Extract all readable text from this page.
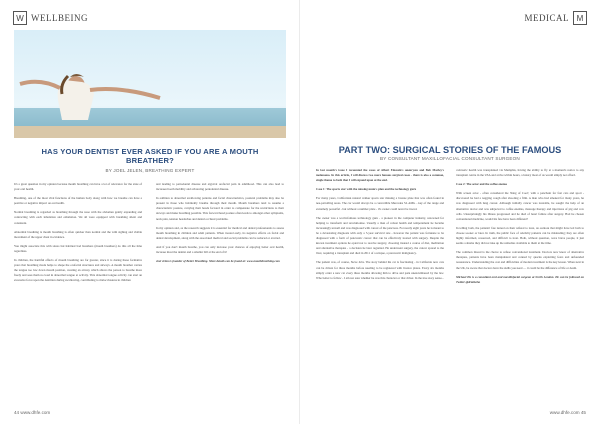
W WELLBEING
HAS YOUR DENTIST EVER ASKED IF YOU ARE A MOUTH BREATHER?
BY JOEL JELEN, BREATHING EXPERT

It's a great question in my opinion because mouth breathing can have a lot of relevance for the state of your oral health.

Breathing, one of the most vital functions of the human body along with how we breathe can have a positive or negative impact on our health.

Normal breathing is regarded as breathing through the nose with the abdomen gently expanding and contracting with each inhalation and exhalation. We all were equipped with breathing silent and consistent.

Abnormal breathing is mouth breathing is often quicker than normal and the with sighing and visible movement of the upper chest in evidence.

You might associate this with stress but habitual bad breathers (mouth breathers) do this all the time regardless.

In children, the harmful effects of mouth breathing are far greater, since it is during these formative years that breathing mode helps to shape the orofacial structures and airways. A mouth breather carries the tongue too low down mouth position, creating an airway which allows the person to breathe more freely and sees them no loud in abnormal tongue at activity. This abnormal tongue activity can start an excessive force upon the dentition during swallowing, contributing to malocclusions in children

and leading to periodontal disease and atypical orofacial pain in adulthood. This can also lead to increased tooth mobility and advancing periodontal disease.

In addition to abnormal swallowing patterns and facial characteristics, postural problems may also be present in those who habitually breathe through their mouth. Mouth breathers tend to assume a characteristic posture, carrying their heads forward in order to compensate for the restrictions to their airways and make breathing possible. This forward head posture often leads to amongst other symptoms, neck pain, tension headaches and dental occlusal problems.

In my opinion and, as the research suggests it is essential for medical and dental professionals to assess mouth breathing in children and adult patients. When treated early, its negative effects on facial and dental development, along with the associated medical and social problems can be reduced or averted.

And if you don't mouth breathe, you can only increase your chances of enjoying better oral health, increase most the dentist and a smaller bill at the end of it!

Joel Jelen is founder of Better Breathing. More details can be found at: www.mouthbreathing.com

44 www.dhfe.com
M
MEDICAL
PART TWO: SURGICAL STORIES OF THE FAMOUS
BY CONSULTANT MAXILLOFACIAL CONSULTANT SURGEON

In last month's issue I recounted the cases of Albert Einstein's aneurysm and Bob Marley's melanoma. In this article, I will discuss two more famous surgical cases - there is also a common, single theme to both that I will expand upon at the end.

Case 1: The sports star with the missing mum's plan and the technology guru

For many years, Californian natural walker sports star missing a bronze plate that was often found in nee-patrolling areas. The car would always be a convertible Mercedes SL AMG - key of the range and extremely powerful - but without a number plate - it's owner could never be traced.

The owner was a world-famous technology guru - a pioneer in the computer industry, renowned for helping to transform and revolutionise. Usually a man of robust health and temperament he became increasingly unwell and was diagnosed with cancer of the pancreas. For nearly eight years he is meant to be a devastating diagnosis with only a 5-year survival rate - however the patient was fortunate to be diagnosed with a form of pancreatic cancer that can be effectively treated with surgery. Despite the known treatment options he opted not to receive surgery, choosing instead a course of diet, meditation and alternative therapies - a decision he later regretted. He underwent surgery, the cancer spread to the liver, requiring a transplant and died in 2011 of a relapse, a pancreatic malignancy.

The patient was, of course, Steve Jobs. The story behind his car is fascinating - in California new cars can be driven for three months before needing to be registered with licence plates. Every six months simply order a new car every three months allowing him to drive and park unencumbered by the law. Who better to follow - I am not sure whether he was this character or that driver. In the true story sense...

cadaveric health was transplanted via Memphis, having the ability to fly at a moment's notice to any transplant centre in the USA and arrive within hours, a luxury most of us would simply not afford.

Case 2: The actor and the coffee enema

With screen actor - often considered the 'King of Cool', with a penchant for fast cars and sport - discovered he had a nagging cough after shooting a film. A man who had smoked for many years, he was diagnosed with lung cancer. Although initially cancer was treatable, he sought the help of an alternative doctor and was subjected to coffee enemas, massage therapy and injections of pig and cow cells. Unsurprisingly his illness progressed and he died of heart failure after surgery. Had he chosen conventional medicine, would his fate have been different?

In telling both, the patients' fate turned on their refusal to treat, an outlook that might have led both to choose sooner or later. In truth, the public face of celebrity patients can be misleading; they are often highly informed, resourced, and difficult to treat. Both, without question, were brave people, it just seems a shame they did not take up the remedies available to them at the time.

The common thread is the choice to refuse conventional treatment. Doctors now know of alternative therapies, patients have been manipulated and conned by quacks exploiting fears and unfounded reassurance. Understanding the cost and difficulties of modern treatment is the key lesson. When next in the UK, be aware that doctors have the skills you need — it could be the difference of life or death.

Michael Ho is a consultant oral and maxillofacial surgeon at North London. He can be followed on Twitter @drmikeho

www.dhfe.com 45
